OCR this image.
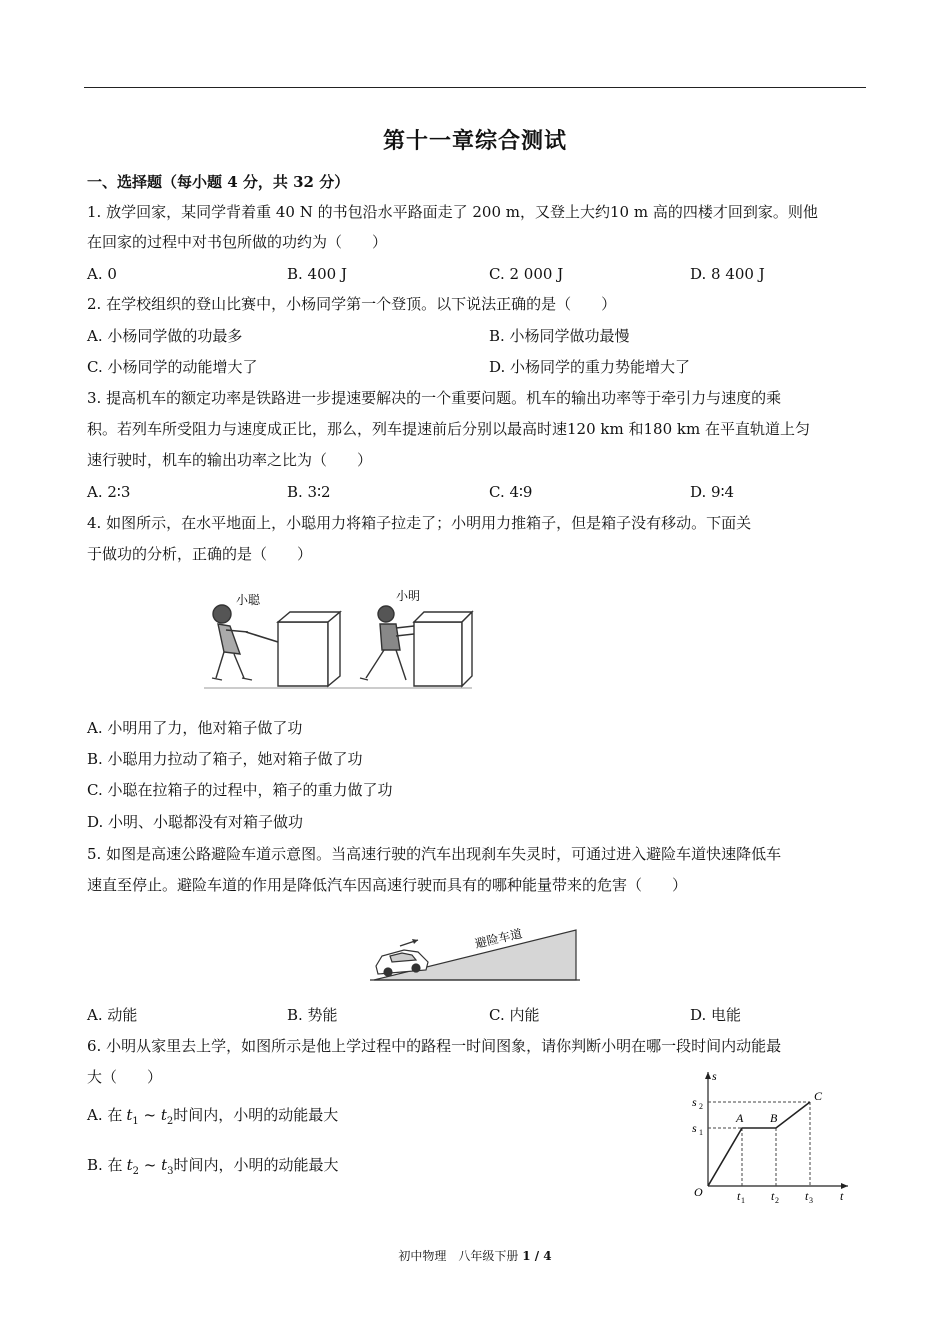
第十一章综合测试
一、选择题（每小题 4 分，共 32 分）
1. 放学回家，某同学背着重 40 N 的书包沿水平路面走了 200 m，又登上大约10 m 高的四楼才回到家。则他
在回家的过程中对书包所做的功约为（　　）
A. 0	B. 400 J	C. 2 000 J	D. 8 400 J
2. 在学校组织的登山比赛中，小杨同学第一个登顶。以下说法正确的是（　　）
A. 小杨同学做的功最多	B. 小杨同学做功最慢
C. 小杨同学的动能增大了	D. 小杨同学的重力势能增大了
3. 提高机车的额定功率是铁路进一步提速要解决的一个重要问题。机车的输出功率等于牵引力与速度的乘
积。若列车所受阻力与速度成正比，那么，列车提速前后分别以最高时速120 km 和180 km 在平直轨道上匀
速行驶时，机车的输出功率之比为（　　）
A. 2∶3	B. 3∶2	C. 4∶9	D. 9∶4
4. 如图所示，在水平地面上，小聪用力将箱子拉走了；小明用力推箱子，但是箱子没有移动。下面关
于做功的分析，正确的是（　　）
小聪	小明
A. 小明用了力，他对箱子做了功
B. 小聪用力拉动了箱子，她对箱子做了功
C. 小聪在拉箱子的过程中，箱子的重力做了功
D. 小明、小聪都没有对箱子做功
5. 如图是高速公路避险车道示意图。当高速行驶的汽车出现刹车失灵时，可通过进入避险车道快速降低车
速直至停止。避险车道的作用是降低汽车因高速行驶而具有的哪种能量带来的危害（　　）
避险车道
A. 动能	B. 势能	C. 内能	D. 电能
6. 小明从家里去上学，如图所示是他上学过程中的路程一时间图象，请你判断小明在哪一段时间内动能最
大（　　）
A. 在 $t_1$ ~ $t_2$时间内，小明的动能最大
B. 在 $t_2$ ~ $t_3$时间内，小明的动能最大
s
t
O
s 1
s 2
t 1 t 2 t 3
A B
C
初中物理　八年级下册 1 / 4
